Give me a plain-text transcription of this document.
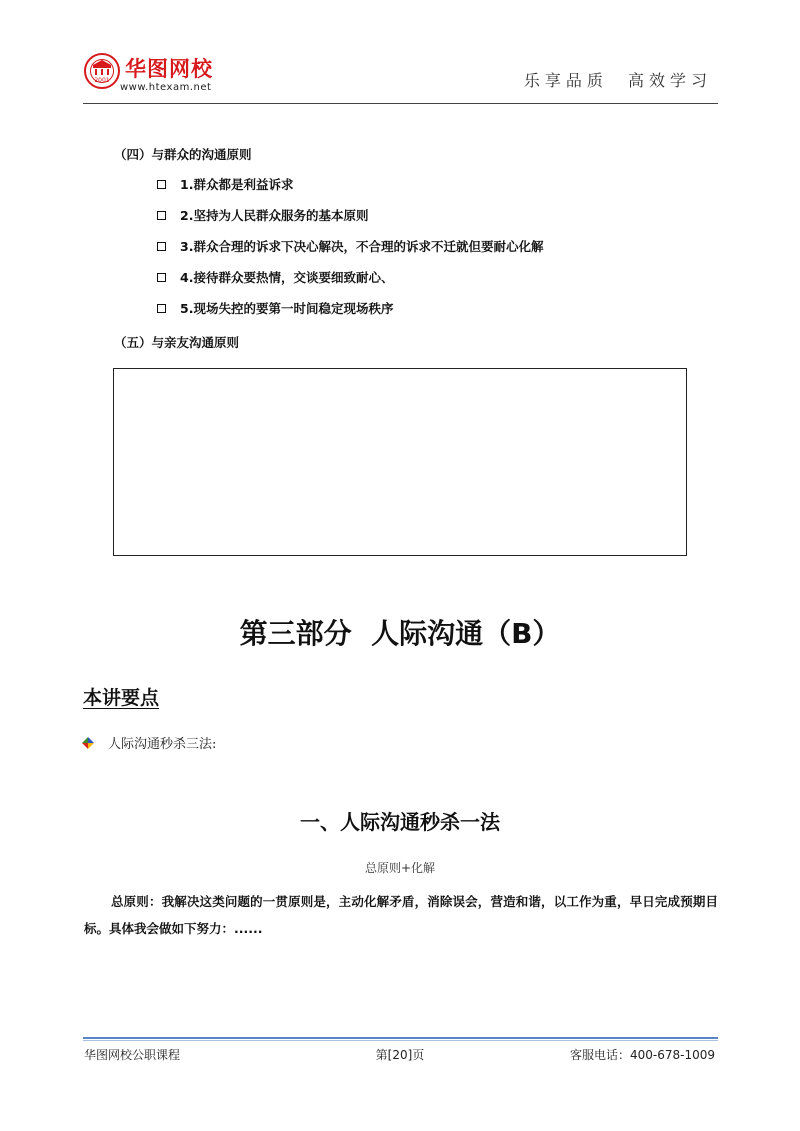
2001 华图网校
www.htexam.net	乐享品质  高效学习
（四）与群众的沟通原则
1.群众都是利益诉求
2.坚持为人民群众服务的基本原则
3.群众合理的诉求下决心解决，不合理的诉求不迁就但要耐心化解
4.接待群众要热情，交谈要细致耐心、
5.现场失控的要第一时间稳定现场秩序
（五）与亲友沟通原则
第三部分  人际沟通（B）
本讲要点
人际沟通秒杀三法:
一、人际沟通秒杀一法
总原则+化解
总原则：我解决这类问题的一贯原则是，主动化解矛盾，消除误会，营造和谐，以工作为重，早日完成预期目标。具体我会做如下努力：......
华图网校公职课程	第[20]页	客服电话：400-678-1009
